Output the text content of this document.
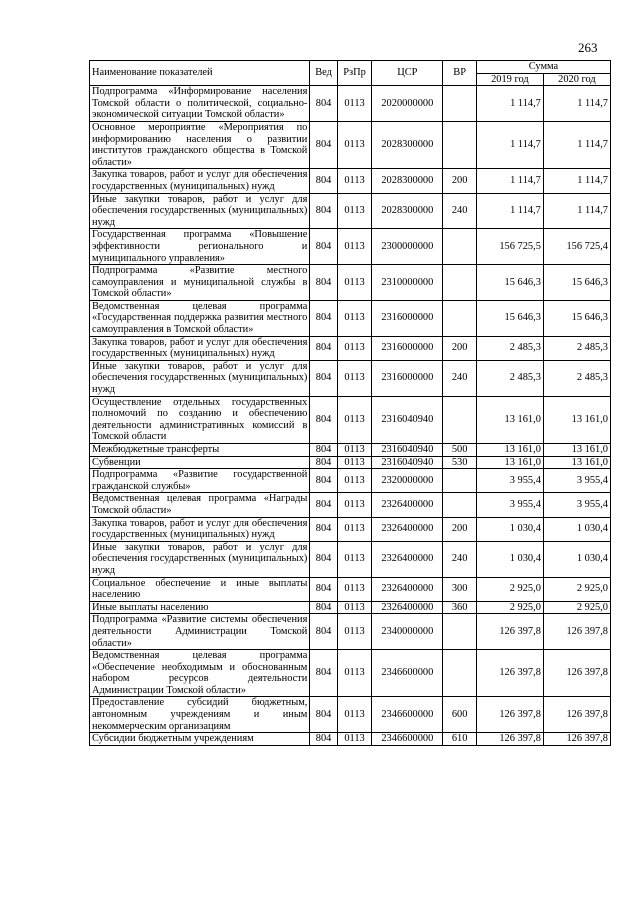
263
Наименование показателей	Вед	РзПр	ЦСР	ВР	Сумма	
					2019 год	2020 год
Подпрограмма «Информирование населения Томской области о политической, социально-экономической ситуации Томской области»	804	0113	2020000000		1 114,7	1 114,7
Основное мероприятие «Мероприятия по информированию населения о развитии институтов гражданского общества в Томской области»	804	0113	2028300000		1 114,7	1 114,7
Закупка товаров, работ и услуг для обеспечения государственных (муниципальных) нужд	804	0113	2028300000	200	1 114,7	1 114,7
Иные закупки товаров, работ и услуг для обеспечения государственных (муниципальных) нужд	804	0113	2028300000	240	1 114,7	1 114,7
Государственная программа «Повышение эффективности регионального и муниципального управления»	804	0113	2300000000		156 725,5	156 725,4
Подпрограмма «Развитие местного самоуправления и муниципальной службы в Томской области»	804	0113	2310000000		15 646,3	15 646,3
Ведомственная целевая программа «Государственная поддержка развития местного самоуправления в Томской области»	804	0113	2316000000		15 646,3	15 646,3
Закупка товаров, работ и услуг для обеспечения государственных (муниципальных) нужд	804	0113	2316000000	200	2 485,3	2 485,3
Иные закупки товаров, работ и услуг для обеспечения государственных (муниципальных) нужд	804	0113	2316000000	240	2 485,3	2 485,3
Осуществление отдельных государственных полномочий по созданию и обеспечению деятельности административных комиссий в Томской области	804	0113	2316040940		13 161,0	13 161,0
Межбюджетные трансферты	804	0113	2316040940	500	13 161,0	13 161,0
Субвенции	804	0113	2316040940	530	13 161,0	13 161,0
Подпрограмма «Развитие государственной гражданской службы»	804	0113	2320000000		3 955,4	3 955,4
Ведомственная целевая программа «Награды Томской области»	804	0113	2326400000		3 955,4	3 955,4
Закупка товаров, работ и услуг для обеспечения государственных (муниципальных) нужд	804	0113	2326400000	200	1 030,4	1 030,4
Иные закупки товаров, работ и услуг для обеспечения государственных (муниципальных) нужд	804	0113	2326400000	240	1 030,4	1 030,4
Социальное обеспечение и иные выплаты населению	804	0113	2326400000	300	2 925,0	2 925,0
Иные выплаты населению	804	0113	2326400000	360	2 925,0	2 925,0
Подпрограмма «Развитие системы обеспечения деятельности Администрации Томской области»	804	0113	2340000000		126 397,8	126 397,8
Ведомственная целевая программа «Обеспечение необходимым и обоснованным набором ресурсов деятельности Администрации Томской области»	804	0113	2346600000		126 397,8	126 397,8
Предоставление субсидий бюджетным, автономным учреждениям и иным некоммерческим организациям	804	0113	2346600000	600	126 397,8	126 397,8
Субсидии бюджетным учреждениям	804	0113	2346600000	610	126 397,8	126 397,8
